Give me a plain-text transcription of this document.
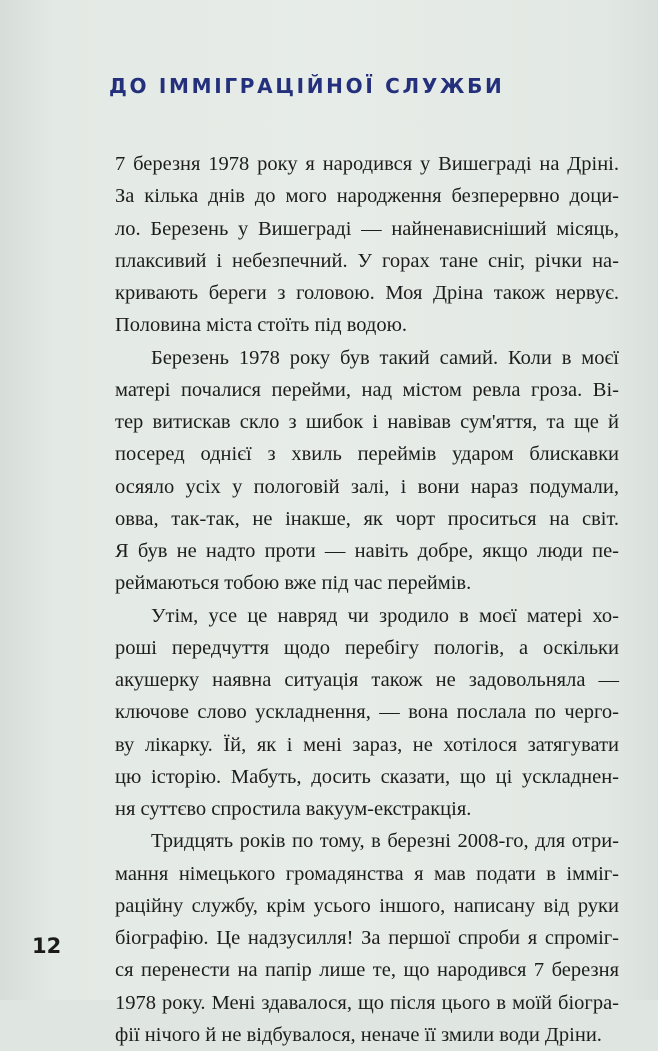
ДО ІММІГРАЦІЙНОЇ СЛУЖБИ
7 березня 1978 року я народився у Вишеграді на Дріні.
За кілька днів до мого народження безперервно доци-
ло. Березень у Вишеграді — найненависніший місяць,
плаксивий і небезпечний. У горах тане сніг, річки на-
кривають береги з головою. Моя Дріна також нервує.
Половина міста стоїть під водою.
Березень 1978 року був такий самий. Коли в моєї
матері почалися перейми, над містом ревла гроза. Ві-
тер витискав скло з шибок і навівав сум'яття, та ще й
посеред однієї з хвиль переймів ударом блискавки
осяяло усіх у пологовій залі, і вони нараз подумали,
овва, так-так, не інакше, як чорт проситься на світ.
Я був не надто проти — навіть добре, якщо люди пе-
реймаються тобою вже під час переймів.
Утім, усе це навряд чи зродило в моєї матері хо-
роші передчуття щодо перебігу пологів, а оскільки
акушерку наявна ситуація також не задовольняла —
ключове слово ускладнення, — вона послала по черго-
ву лікарку. Їй, як і мені зараз, не хотілося затягувати
цю історію. Мабуть, досить сказати, що ці ускладнен-
ня суттєво спростила вакуум-екстракція.
Тридцять років по тому, в березні 2008-го, для отри-
мання німецького громадянства я мав подати в імміг-
раційну службу, крім усього іншого, написану від руки
біографію. Це надзусилля! За першої спроби я спроміг-
ся перенести на папір лише те, що народився 7 березня
1978 року. Мені здавалося, що після цього в моїй біогра-
фії нічого й не відбувалося, неначе її змили води Дріни.
12
